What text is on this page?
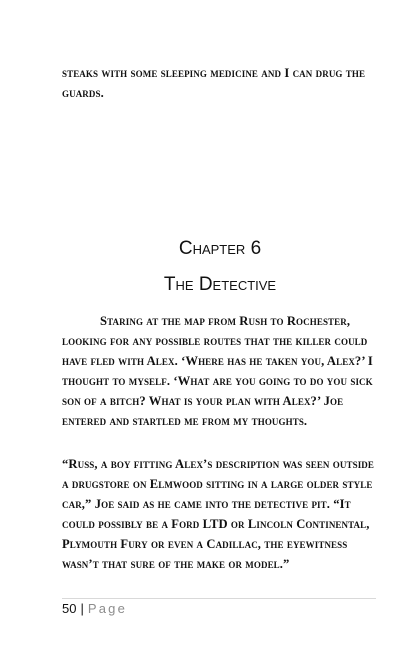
steaks with some sleeping medicine and I can drug the guards.

Chapter 6
The Detective

Staring at the map from Rush to Rochester, looking for any possible routes that the killer could have fled with Alex. ‘Where has he taken you, Alex?’ I thought to myself. ‘What are you going to do you sick son of a bitch? What is your plan with Alex?’ Joe entered and startled me from my thoughts.

“Russ, a boy fitting Alex’s description was seen outside a drugstore on Elmwood sitting in a large older style car,” Joe said as he came into the detective pit. “It could possibly be a Ford LTD or Lincoln Continental, Plymouth Fury or even a Cadillac, the eyewitness wasn’t that sure of the make or model.”

50 | Page
